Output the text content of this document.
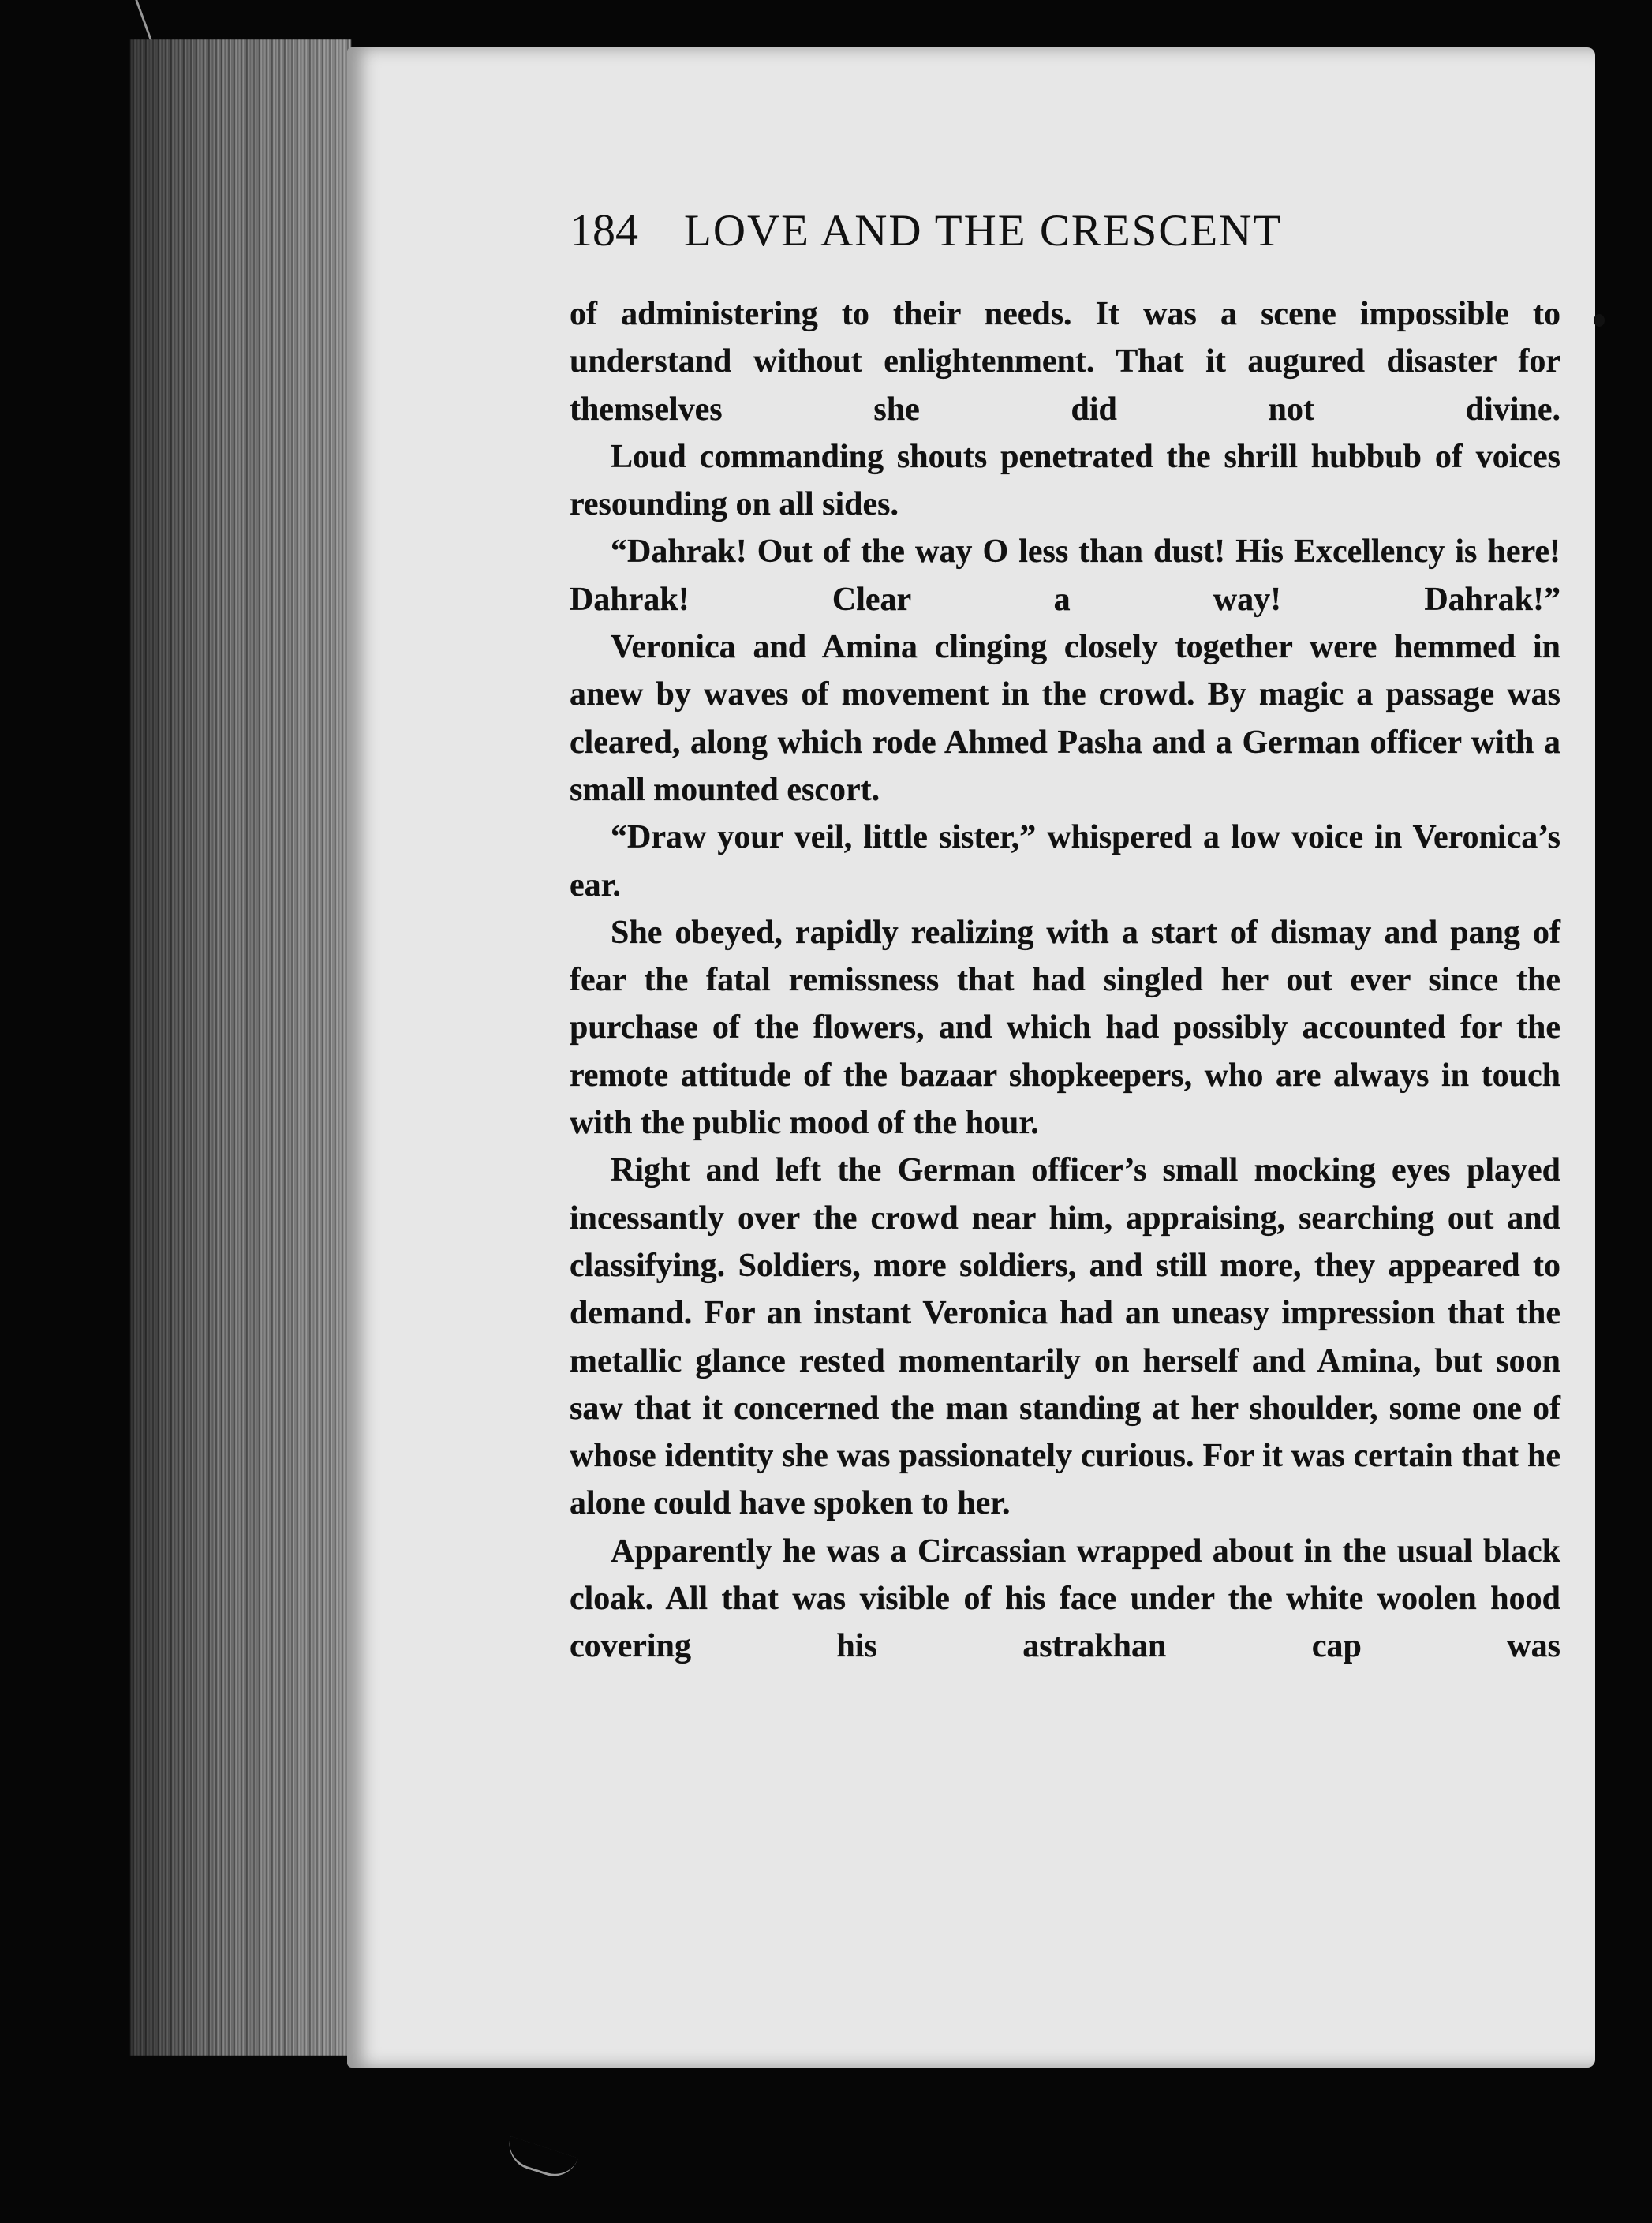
184	LOVE AND THE CRESCENT

of administering to their needs. It was a scene impossible to understand without enlightenment. That it augured disaster for themselves she did not divine.

Loud commanding shouts penetrated the shrill hubbub of voices resounding on all sides.

“Dahrak! Out of the way O less than dust! His Excellency is here! Dahrak! Clear a way! Dahrak!”

Veronica and Amina clinging closely together were hemmed in anew by waves of movement in the crowd. By magic a passage was cleared, along which rode Ahmed Pasha and a German officer with a small mounted escort.

“Draw your veil, little sister,” whispered a low voice in Veronica’s ear.

She obeyed, rapidly realizing with a start of dismay and pang of fear the fatal remissness that had singled her out ever since the purchase of the flowers, and which had possibly accounted for the remote attitude of the bazaar shopkeepers, who are always in touch with the public mood of the hour.

Right and left the German officer’s small mocking eyes played incessantly over the crowd near him, appraising, searching out and classifying. Soldiers, more soldiers, and still more, they appeared to demand. For an instant Veronica had an uneasy impression that the metallic glance rested momentarily on herself and Amina, but soon saw that it concerned the man standing at her shoulder, some one of whose identity she was passionately curious. For it was certain that he alone could have spoken to her.

Apparently he was a Circassian wrapped about in the usual black cloak. All that was visible of his face under the white woolen hood covering his astrakhan cap was
